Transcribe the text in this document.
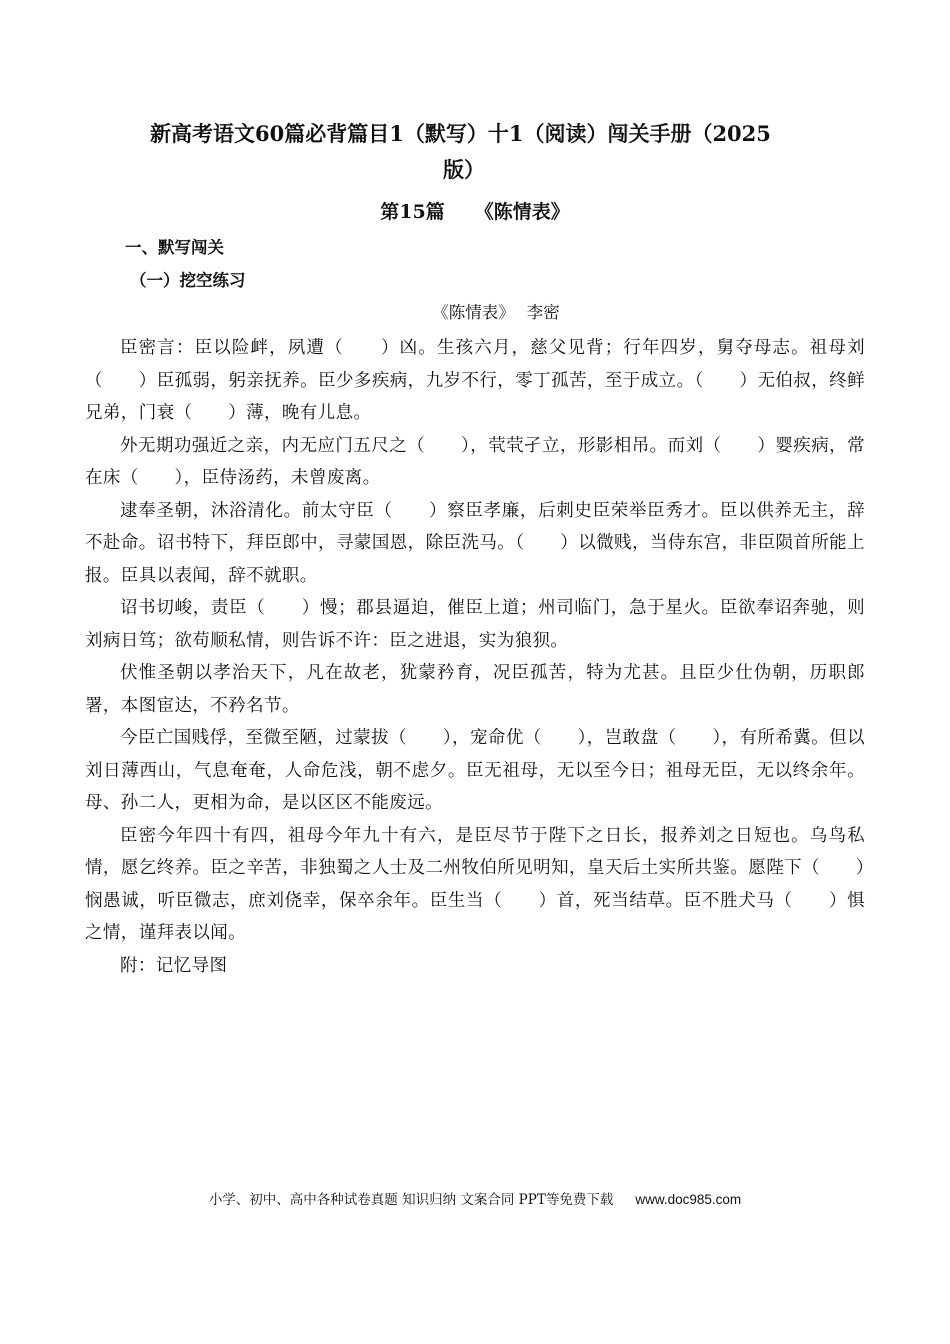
新高考语文60篇必背篇目1（默写）十1（阅读）闯关手册（2025
版）
第15篇 《陈情表》
一、默写闯关
（一）挖空练习
《陈情表》 李密

臣密言：臣以险衅，夙遭（　　）凶。生孩六月，慈父见背；行年四岁，舅夺母志。祖母刘（　　）臣孤弱，躬亲抚养。臣少多疾病，九岁不行，零丁孤苦，至于成立。（　　）无伯叔，终鲜兄弟，门衰（　　）薄，晚有儿息。

外无期功强近之亲，内无应门五尺之（　　），茕茕孑立，形影相吊。而刘（　　）婴疾病，常在床（　　），臣侍汤药，未曾废离。

逮奉圣朝，沐浴清化。前太守臣（　　）察臣孝廉，后刺史臣荣举臣秀才。臣以供养无主，辞不赴命。诏书特下，拜臣郎中，寻蒙国恩，除臣洗马。（　　）以微贱，当侍东宫，非臣陨首所能上报。臣具以表闻，辞不就职。

诏书切峻，责臣（　　）慢；郡县逼迫，催臣上道；州司临门，急于星火。臣欲奉诏奔驰，则刘病日笃；欲苟顺私情，则告诉不许：臣之进退，实为狼狈。

伏惟圣朝以孝治天下，凡在故老，犹蒙矜育，况臣孤苦，特为尤甚。且臣少仕伪朝，历职郎署，本图宦达，不矜名节。

今臣亡国贱俘，至微至陋，过蒙拔（　　），宠命优（　　），岂敢盘（　　），有所希冀。但以刘日薄西山，气息奄奄，人命危浅，朝不虑夕。臣无祖母，无以至今日；祖母无臣，无以终余年。母、孙二人，更相为命，是以区区不能废远。

臣密今年四十有四，祖母今年九十有六，是臣尽节于陛下之日长，报养刘之日短也。乌鸟私情，愿乞终养。臣之辛苦，非独蜀之人士及二州牧伯所见明知，皇天后土实所共鉴。愿陛下（　　）悯愚诚，听臣微志，庶刘侥幸，保卒余年。臣生当（　　）首，死当结草。臣不胜犬马（　　）惧之情，谨拜表以闻。

附：记忆导图

小学、初中、高中各种试卷真题 知识归纳 文案合同 PPT等免费下载 www.doc985.com
